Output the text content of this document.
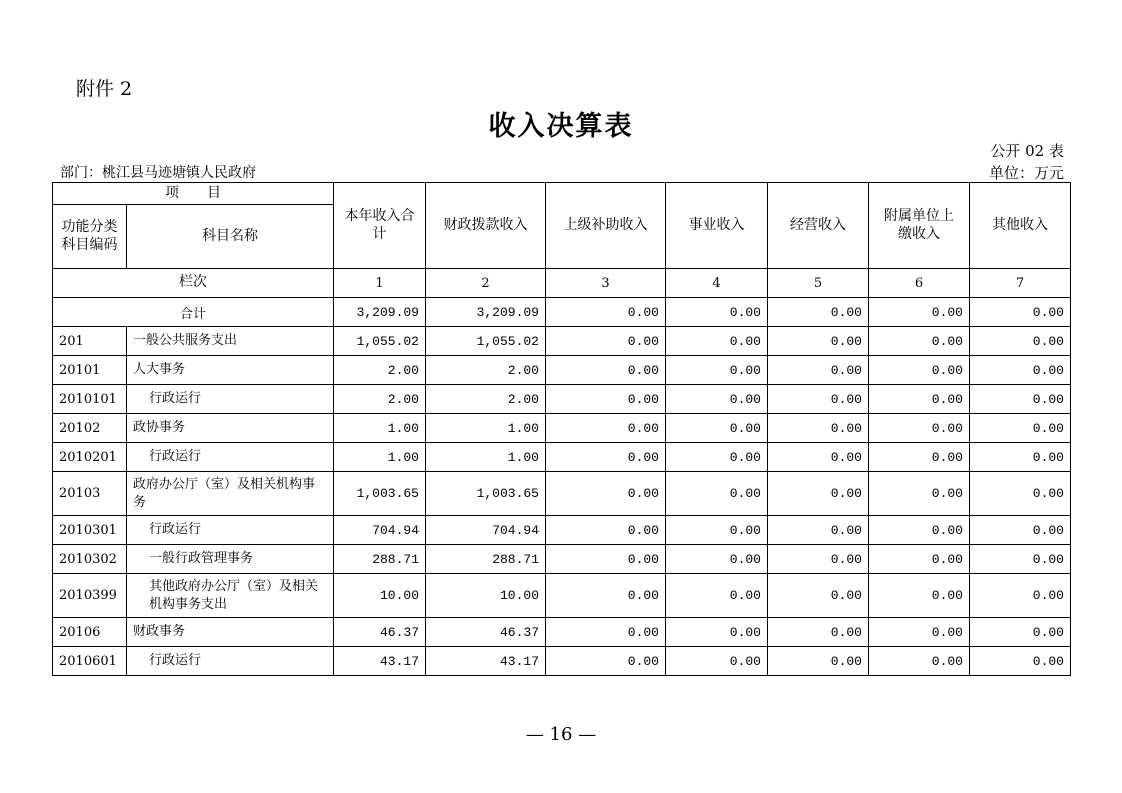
附件 2
收入决算表
公开 02 表
部门：桃江县马迹塘镇人民政府	单位：万元
项　　目		本年收入合计	财政拨款收入	上级补助收入	事业收入	经营收入	附属单位上缴收入	其他收入
功能分类科目编码	科目名称							
栏次		1	2	3	4	5	6	7
合计		3,209.09	3,209.09	0.00	0.00	0.00	0.00	0.00
201	一般公共服务支出	1,055.02	1,055.02	0.00	0.00	0.00	0.00	0.00
20101	人大事务	2.00	2.00	0.00	0.00	0.00	0.00	0.00
2010101	行政运行	2.00	2.00	0.00	0.00	0.00	0.00	0.00
20102	政协事务	1.00	1.00	0.00	0.00	0.00	0.00	0.00
2010201	行政运行	1.00	1.00	0.00	0.00	0.00	0.00	0.00
20103	政府办公厅（室）及相关机构事务	1,003.65	1,003.65	0.00	0.00	0.00	0.00	0.00
2010301	行政运行	704.94	704.94	0.00	0.00	0.00	0.00	0.00
2010302	一般行政管理事务	288.71	288.71	0.00	0.00	0.00	0.00	0.00
2010399	其他政府办公厅（室）及相关机构事务支出	10.00	10.00	0.00	0.00	0.00	0.00	0.00
20106	财政事务	46.37	46.37	0.00	0.00	0.00	0.00	0.00
2010601	行政运行	43.17	43.17	0.00	0.00	0.00	0.00	0.00
— 16 —
